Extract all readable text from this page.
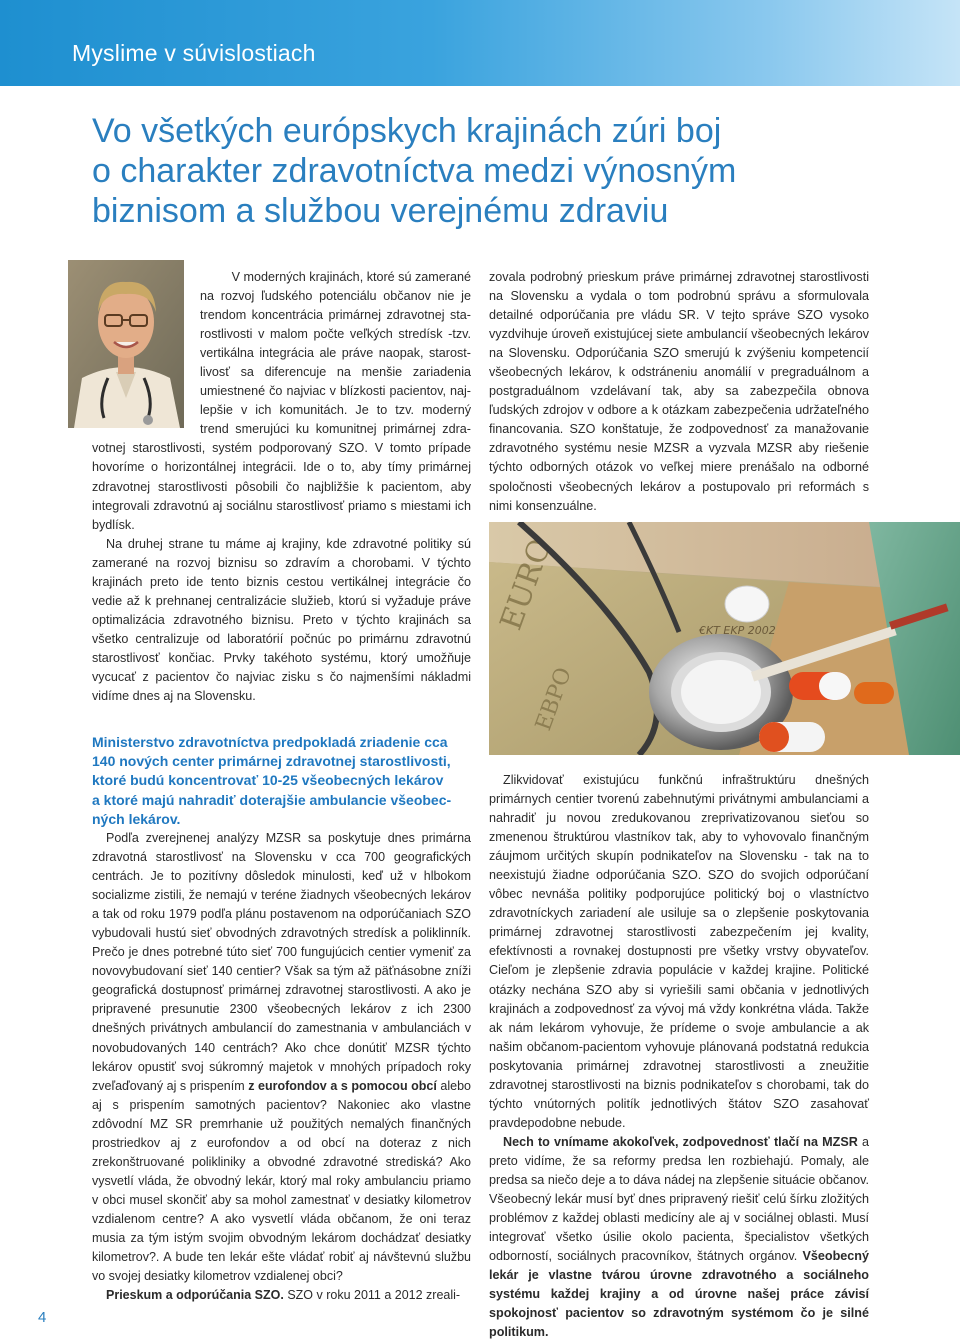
Myslime v súvislostiach
Vo všetkých európskych krajinách zúri boj
o charakter zdravotníctva medzi výnosným
biznisom a službou verejnému zdraviu
V moderných krajinách, ktoré sú zamerané
na rozvoj ľudského potenciálu občanov nie je
trendom koncentrácia primárnej zdravotnej sta-
rostlivosti v malom počte veľkých stredísk -tzv.
vertikálna integrácia ale práve naopak, starost-
livosť sa diferencuje na menšie zariadenia
umiestnené čo najviac v blízkosti pacientov, naj-
lepšie v ich komunitách. Je to tzv. moderný
trend smerujúci ku komunitnej primárnej zdra-

votnej starostlivosti, systém podporovaný SZO. V tomto prípade hovoríme o horizontálnej integrácii. Ide o to, aby tímy primárnej zdravotnej starostlivosti pôsobili čo najbližšie k pacientom, aby integrovali zdravotnú aj sociálnu starostlivosť priamo s miestami ich bydlísk.

Na druhej strane tu máme aj krajiny, kde zdravotné politiky sú zamerané na rozvoj biznisu so zdravím a chorobami. V týchto krajinách preto ide tento biznis cestou vertikálnej integrácie čo vedie až k prehnanej centralizácie služieb, ktorú si vyžaduje práve optimalizácia zdravotného biznisu. Preto v týchto krajinách sa všetko centralizuje od laboratórií počnúc po primárnu zdravotnú starostlivosť končiac. Prvky takéhoto systému, ktorý umožňuje vycucať z pacientov čo najviac zisku s čo najmenšími nákladmi vidíme dnes aj na Slovensku.

Ministerstvo zdravotníctva predpokladá zriadenie cca
140 nových center primárnej zdravotnej starostlivosti,
ktoré budú koncentrovať 10-25 všeobecných lekárov
a ktoré majú nahradiť doterajšie ambulancie všeobec-
ných lekárov.

Podľa zverejnenej analýzy MZSR sa poskytuje dnes primárna zdravotná starostlivosť na Slovensku v cca 700 geografických centrách. Je to pozitívny dôsledok minulosti, keď už v hlbokom socializme zistili, že nemajú v teréne žiadnych všeobecných lekárov a tak od roku 1979 podľa plánu postavenom na odporúčaniach SZO vybudovali hustú sieť obvodných zdravotných stredísk a poliklinník. Prečo je dnes potrebné túto sieť 700 fungujúcich centier vymeniť za novovybudovaní sieť 140 centier? Však sa tým až päťnásobne zníži geografická dostupnosť primárnej zdravotnej starostlivosti. A ako je pripravené presunutie 2300 všeobecných lekárov z ich 2300 dnešných privátnych ambulancií do zamestnania v ambulanciách v novobudovaných 140 centrách? Ako chce donútiť MZSR týchto lekárov opustiť svoj súkromný majetok v mnohých prípadoch roky zveľaďovaný aj s prispením z eurofondov a s pomocou obcí alebo aj s prispením samotných pacientov? Nakoniec ako vlastne zdôvodní MZ SR premrhanie už použitých nemalých finančných prostriedkov aj z eurofondov a od obcí na doteraz z nich zrekonštruované polikliniky a obvodné zdravotné strediská? Ako vysvetlí vláda, že obvodný lekár, ktorý mal roky ambulanciu priamo v obci musel skončiť aby sa mohol zamestnať v desiatky kilometrov vzdialenom centre? A ako vysvetlí vláda občanom, že oni teraz musia za tým istým svojim obvodným lekárom dochádzať desiatky kilometrov?. A bude ten lekár ešte vládať robiť aj návštevnú službu vo svojej desiatky kilometrov vzdialenej obci?

Prieskum a odporúčania SZO. SZO v roku 2011 a 2012 zreali-

zovala podrobný prieskum práve primárnej zdravotnej starostlivosti na Slovensku a vydala o tom podrobnú správu a sformulovala detailné odporúčania pre vládu SR. V tejto správe SZO vysoko vyzdvihuje úroveň existujúcej siete ambulancií všeobecných lekárov na Slovensku. Odporúčania SZO smerujú k zvýšeniu kompetencií všeobecných lekárov, k odstráneniu anomálií v pregraduálnom a postgraduálnom vzdelávaní tak, aby sa zabezpečila obnova ľudských zdrojov v odbore a k otázkam zabezpečenia udržateľného financovania. SZO konštatuje, že zodpovednosť za manažovanie zdravotného systému nesie MZSR a vyzvala MZSR aby riešenie týchto odborných otázok vo veľkej miere prenášalo na odborné spoločnosti všeobecných lekárov a postupovalo pri reformách s nimi konsenzuálne.

EURO
ЕВРО
€KT EKP 2002

Zlikvidovať existujúcu funkčnú infraštruktúru dnešných primárnych centier tvorenú zabehnutými privátnymi ambulanciami a nahradiť ju novou zredukovanou zreprivatizovanou sieťou so zmenenou štruktúrou vlastníkov tak, aby to vyhovovalo finančným záujmom určitých skupín podnikateľov na Slovensku - tak na to neexistujú žiadne odporúčania SZO. SZO do svojich odporúčaní vôbec nevnáša politiky podporujúce politický boj o vlastníctvo zdravotníckych zariadení ale usiluje sa o zlepšenie poskytovania primárnej zdravotnej starostlivosti zabezpečením jej kvality, efektívnosti a rovnakej dostupnosti pre všetky vrstvy obyvateľov. Cieľom je zlepšenie zdravia populácie v každej krajine. Politické otázky nechána SZO aby si vyriešili sami občania v jednotlivých krajinách a zodpovednosť za vývoj má vždy konkrétna vláda. Takže ak nám lekárom vyhovuje, že prídeme o svoje ambulancie a ak našim občanom-pacientom vyhovuje plánovaná podstatná redukcia poskytovania primárnej zdravotnej starostlivosti a zneužitie zdravotnej starostlivosti na biznis podnikateľov s chorobami, tak do týchto vnútorných politík jednotlivých štátov SZO zasahovať pravdepodobne nebude.

Nech to vnímame akokoľvek, zodpovednosť tlačí na MZSR a preto vidíme, že sa reformy predsa len rozbiehajú. Pomaly, ale predsa sa niečo deje a to dáva nádej na zlepšenie situácie občanov. Všeobecný lekár musí byť dnes pripravený riešiť celú šírku zložitých problémov z každej oblasti medicíny ale aj v sociálnej oblasti. Musí integrovať všetko úsilie okolo pacienta, špecialistov všetkých odborností, sociálnych pracovníkov, štátnych orgánov. Všeobecný lekár je vlastne tvárou úrovne zdravotného a sociálneho systému každej krajiny a od úrovne našej práce závisí spokojnosť pacientov so zdravotným systémom čo je silné politikum.

4
